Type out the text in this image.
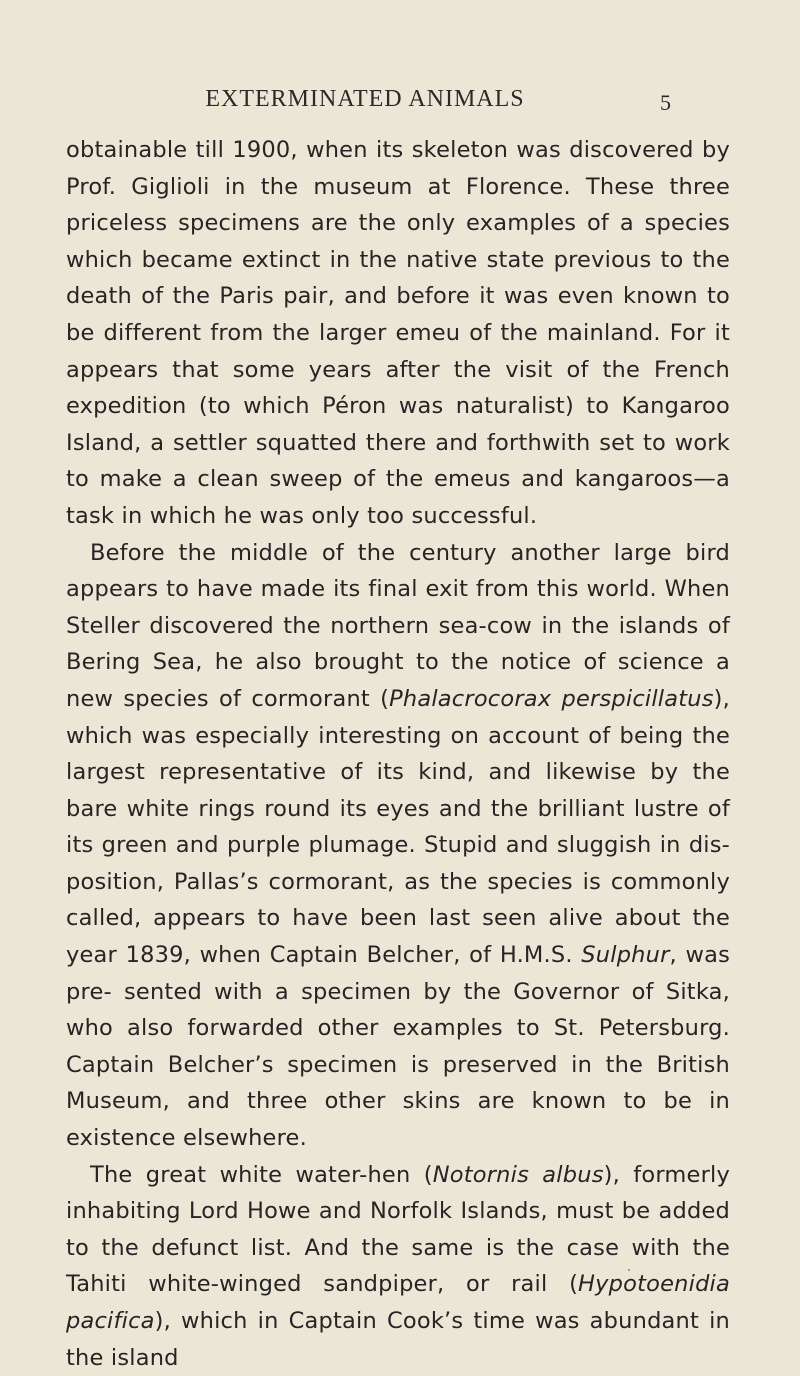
EXTERMINATED ANIMALS	5

obtainable till 1900, when its skeleton was discovered by Prof. Giglioli in the museum at Florence. These three priceless specimens are the only examples of a species which became extinct in the native state previous to the death of the Paris pair, and before it was even known to be different from the larger emeu of the mainland. For it appears that some years after the visit of the French expedition (to which Péron was naturalist) to Kangaroo Island, a settler squatted there and forthwith set to work to make a clean sweep of the emeus and kangaroos—a task in which he was only too successful.

Before the middle of the century another large bird appears to have made its final exit from this world. When Steller discovered the northern sea-cow in the islands of Bering Sea, he also brought to the notice of science a new species of cormorant (Phalacrocorax perspicillatus), which was especially interesting on account of being the largest representative of its kind, and likewise by the bare white rings round its eyes and the brilliant lustre of its green and purple plumage. Stupid and sluggish in dis- position, Pallas’s cormorant, as the species is commonly called, appears to have been last seen alive about the year 1839, when Captain Belcher, of H.M.S. Sulphur, was pre- sented with a specimen by the Governor of Sitka, who also forwarded other examples to St. Petersburg. Captain Belcher’s specimen is preserved in the British Museum, and three other skins are known to be in existence elsewhere.

The great white water-hen (Notornis albus), formerly inhabiting Lord Howe and Norfolk Islands, must be added to the defunct list. And the same is the case with the Tahiti white-winged sandpiper, or rail (Hypotoenidia pacifica), which in Captain Cook’s time was abundant in the island
